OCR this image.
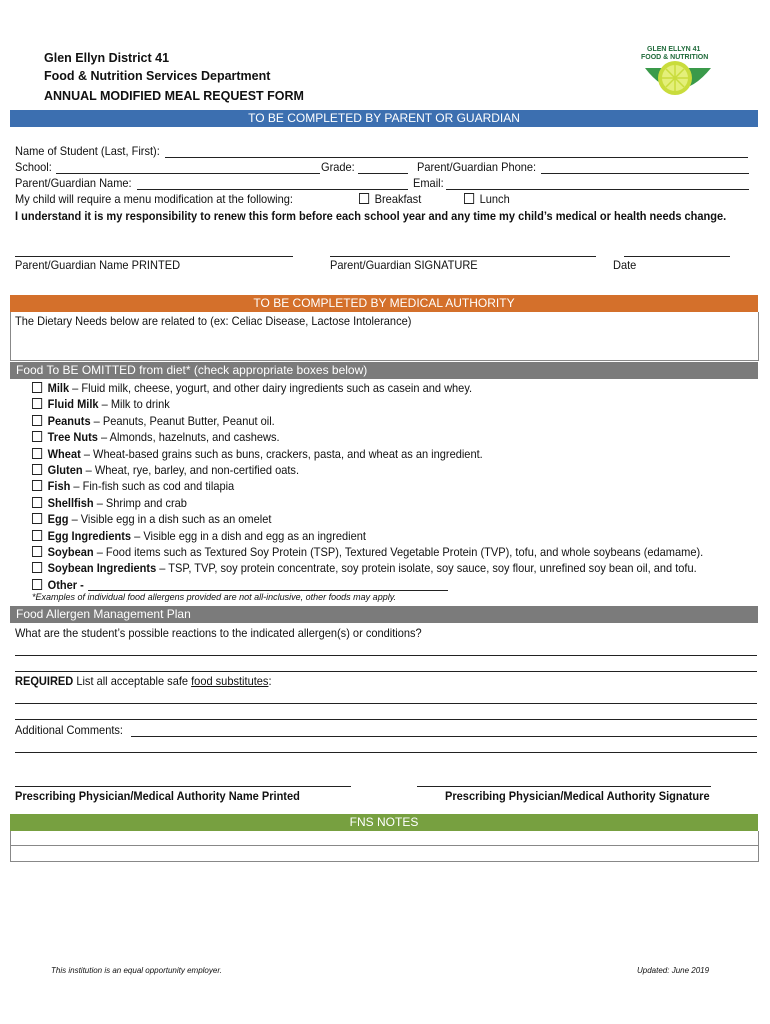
Glen Ellyn District 41
Food & Nutrition Services Department
ANNUAL MODIFIED MEAL REQUEST FORM
GLEN ELLYN 41
FOOD & NUTRITION
TO BE COMPLETED BY PARENT OR GUARDIAN
Name of Student (Last, First):
School:	Grade:	Parent/Guardian Phone:
Parent/Guardian Name:	Email:
My child will require a menu modification at the following:	Breakfast	Lunch
I understand it is my responsibility to renew this form before each school year and any time my child’s medical or health needs change.
Parent/Guardian Name PRINTED	Parent/Guardian SIGNATURE	Date
TO BE COMPLETED BY MEDICAL AUTHORITY
The Dietary Needs below are related to (ex: Celiac Disease, Lactose Intolerance)
Food To BE OMITTED from diet* (check appropriate boxes below)
Milk – Fluid milk, cheese, yogurt, and other dairy ingredients such as casein and whey.
Fluid Milk – Milk to drink
Peanuts – Peanuts, Peanut Butter, Peanut oil.
Tree Nuts – Almonds, hazelnuts, and cashews.
Wheat – Wheat-based grains such as buns, crackers, pasta, and wheat as an ingredient.
Gluten – Wheat, rye, barley, and non-certified oats.
Fish – Fin-fish such as cod and tilapia
Shellfish – Shrimp and crab
Egg – Visible egg in a dish such as an omelet
Egg Ingredients – Visible egg in a dish and egg as an ingredient
Soybean – Food items such as Textured Soy Protein (TSP), Textured Vegetable Protein (TVP), tofu, and whole soybeans (edamame).
Soybean Ingredients – TSP, TVP, soy protein concentrate, soy protein isolate, soy sauce, soy flour, unrefined soy bean oil, and tofu.
Other -
*Examples of individual food allergens provided are not all-inclusive, other foods may apply.
Food Allergen Management Plan
What are the student’s possible reactions to the indicated allergen(s) or conditions?
REQUIRED List all acceptable safe food substitutes:
Additional Comments:
Prescribing Physician/Medical Authority Name Printed	Prescribing Physician/Medical Authority Signature
FNS NOTES
This institution is an equal opportunity employer.	Updated: June 2019
